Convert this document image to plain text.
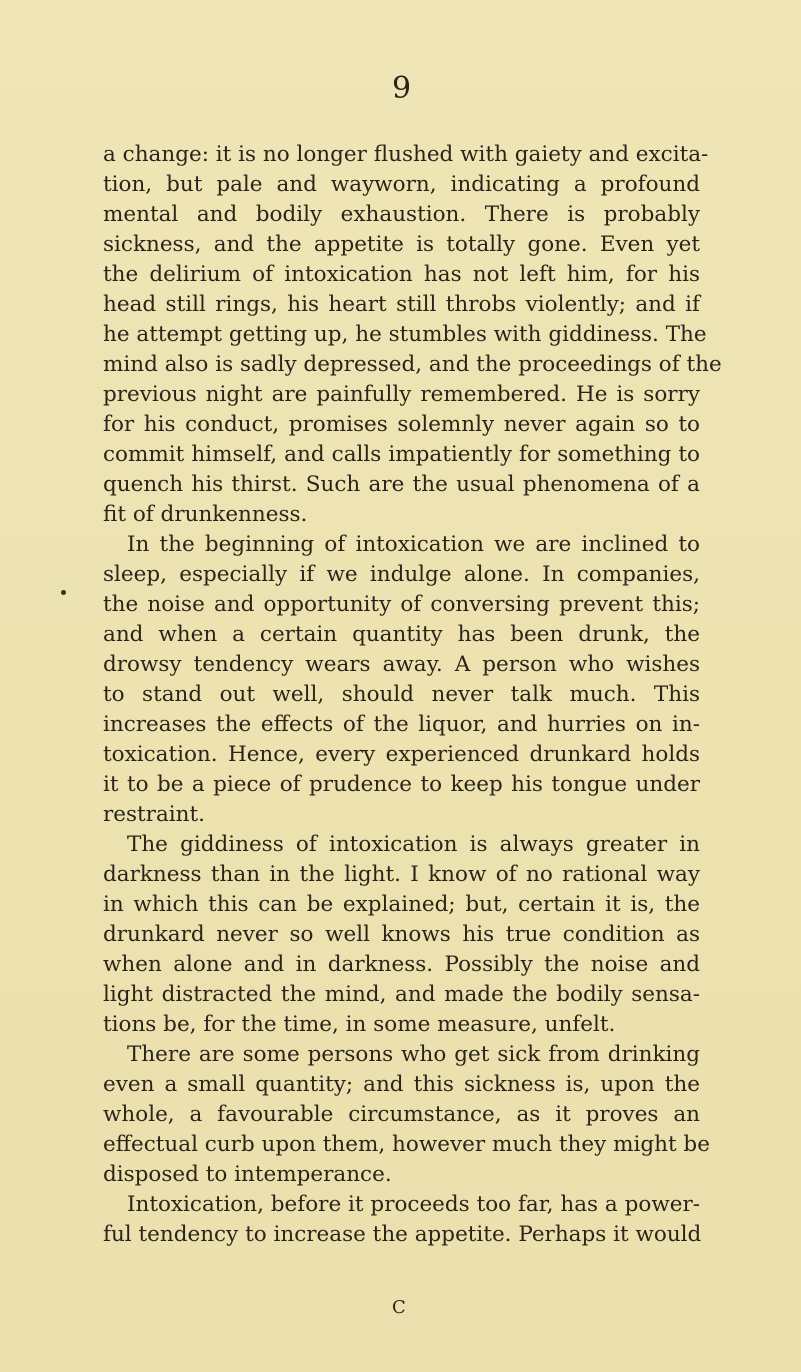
9
a change: it is no longer flushed with gaiety and excita-
tion, but pale and wayworn, indicating a profound
mental and bodily exhaustion. There is probably
sickness, and the appetite is totally gone. Even yet
the delirium of intoxication has not left him, for his
head still rings, his heart still throbs violently; and if
he attempt getting up, he stumbles with giddiness. The
mind also is sadly depressed, and the proceedings of the
previous night are painfully remembered. He is sorry
for his conduct, promises solemnly never again so to
commit himself, and calls impatiently for something to
quench his thirst. Such are the usual phenomena of a
fit of drunkenness.
In the beginning of intoxication we are inclined to
sleep, especially if we indulge alone. In companies,
the noise and opportunity of conversing prevent this;
and when a certain quantity has been drunk, the
drowsy tendency wears away. A person who wishes
to stand out well, should never talk much. This
increases the effects of the liquor, and hurries on in-
toxication. Hence, every experienced drunkard holds
it to be a piece of prudence to keep his tongue under
restraint.
The giddiness of intoxication is always greater in
darkness than in the light. I know of no rational way
in which this can be explained; but, certain it is, the
drunkard never so well knows his true condition as
when alone and in darkness. Possibly the noise and
light distracted the mind, and made the bodily sensa-
tions be, for the time, in some measure, unfelt.
There are some persons who get sick from drinking
even a small quantity; and this sickness is, upon the
whole, a favourable circumstance, as it proves an
effectual curb upon them, however much they might be
disposed to intemperance.
Intoxication, before it proceeds too far, has a power-
ful tendency to increase the appetite. Perhaps it would
C
